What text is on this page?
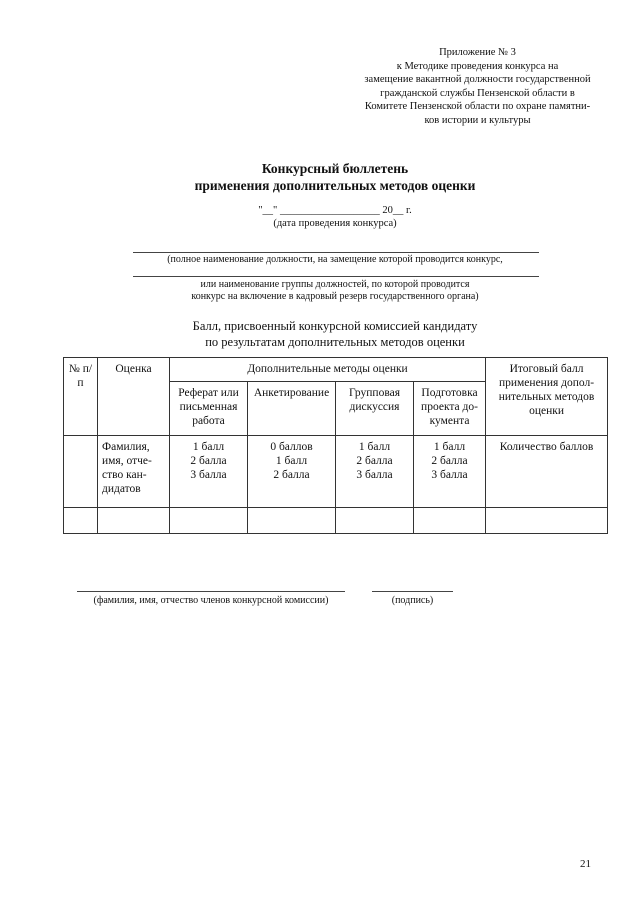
Приложение № 3
к Методике проведения конкурса на
замещение вакантной должности государственной
гражданской службы Пензенской области в
Комитете Пензенской области по охране памятни-
ков истории и культуры
Конкурсный бюллетень
применения дополнительных методов оценки
"__" ___________________ 20__ г.
(дата проведения конкурса)
(полное наименование должности, на замещение которой проводится конкурс,
или наименование группы должностей, по которой проводится
конкурс на включение в кадровый резерв государственного органа)
Балл, присвоенный конкурсной комиссией кандидату
по результатам дополнительных методов оценки
№ п/п	Оценка	Дополнительные методы оценки				Итоговый балл применения допол-нительных методов оценки
		Реферат или письменная работа	Анкетирование	Групповая дискуссия	Подготовка проекта до-кумента	
	Фамилия, имя, отче-ство кан-дидатов	1 балл
2 балла
3 балла	0 баллов
1 балл
2 балла	1 балл
2 балла
3 балла	1 балл
2 балла
3 балла	Количество баллов

(фамилия, имя, отчество членов конкурсной комиссии)	(подпись)
21
